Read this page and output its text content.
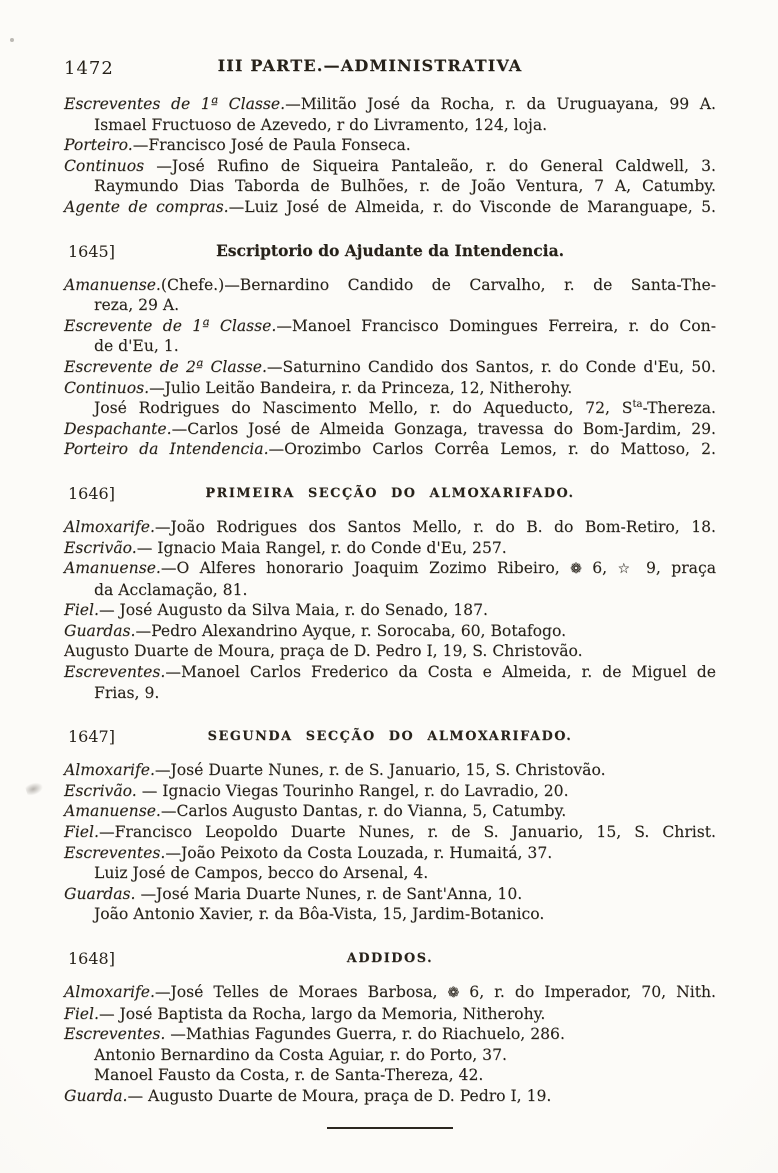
1472	III PARTE.—ADMINISTRATIVA
Escreventes de 1ª Classe.—Militão José da Rocha, r. da Uruguayana, 99 A.
Ismael Fructuoso de Azevedo, r do Livramento, 124, loja.
Porteiro.—Francisco José de Paula Fonseca.
Continuos —José Rufino de Siqueira Pantaleão, r. do General Caldwell, 3.
Raymundo Dias Taborda de Bulhões, r. de João Ventura, 7 A, Catumby.
Agente de compras.—Luiz José de Almeida, r. do Visconde de Maranguape, 5.
1645]	Escriptorio do Ajudante da Intendencia.
Amanuense.(Chefe.)—Bernardino Candido de Carvalho, r. de Santa-The-
reza, 29 A.
Escrevente de 1ª Classe.—Manoel Francisco Domingues Ferreira, r. do Con-
de d'Eu, 1.
Escrevente de 2ª Classe.—Saturnino Candido dos Santos, r. do Conde d'Eu, 50.
Continuos.—Julio Leitão Bandeira, r. da Princeza, 12, Nitherohy.
José Rodrigues do Nascimento Mello, r. do Aqueducto, 72, $S^{ta}$-Thereza.
Despachante.—Carlos José de Almeida Gonzaga, travessa do Bom-Jardim, 29.
Porteiro da Intendencia.—Orozimbo Carlos Corrêa Lemos, r. do Mattoso, 2.
1646]	PRIMEIRA SECÇÃO DO ALMOXARIFADO.
Almoxarife.—João Rodrigues dos Santos Mello, r. do B. do Bom-Retiro, 18.
Escrivão.— Ignacio Maia Rangel, r. do Conde d'Eu, 257.
Amanuense.—O Alferes honorario Joaquim Zozimo Ribeiro, ❁ 6, ☆ 9, praça
da Acclamação, 81.
Fiel.— José Augusto da Silva Maia, r. do Senado, 187.
Guardas.—Pedro Alexandrino Ayque, r. Sorocaba, 60, Botafogo.
Augusto Duarte de Moura, praça de D. Pedro I, 19, S. Christovão.
Escreventes.—Manoel Carlos Frederico da Costa e Almeida, r. de Miguel de
Frias, 9.
1647]	SEGUNDA SECÇÃO DO ALMOXARIFADO.
Almoxarife.—José Duarte Nunes, r. de S. Januario, 15, S. Christovão.
Escrivão. — Ignacio Viegas Tourinho Rangel, r. do Lavradio, 20.
Amanuense.—Carlos Augusto Dantas, r. do Vianna, 5, Catumby.
Fiel.—Francisco Leopoldo Duarte Nunes, r. de S. Januario, 15, S. Christ.
Escreventes.—João Peixoto da Costa Louzada, r. Humaitá, 37.
Luiz José de Campos, becco do Arsenal, 4.
Guardas. —José Maria Duarte Nunes, r. de Sant'Anna, 10.
João Antonio Xavier, r. da Bôa-Vista, 15, Jardim-Botanico.
1648]	ADDIDOS.
Almoxarife.—José Telles de Moraes Barbosa, ❁ 6, r. do Imperador, 70, Nith.
Fiel.— José Baptista da Rocha, largo da Memoria, Nitherohy.
Escreventes. —Mathias Fagundes Guerra, r. do Riachuelo, 286.
Antonio Bernardino da Costa Aguiar, r. do Porto, 37.
Manoel Fausto da Costa, r. de Santa-Thereza, 42.
Guarda.— Augusto Duarte de Moura, praça de D. Pedro I, 19.
